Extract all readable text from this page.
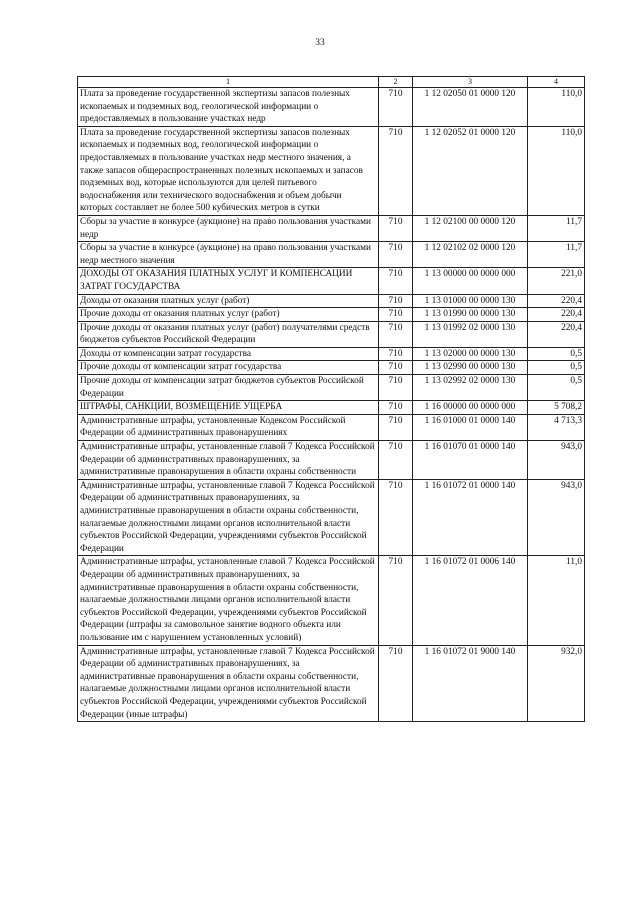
33
1	2	3	4
Плата за проведение государственной экспертизы запасов полезных ископаемых и подземных вод, геологической информации о предоставляемых в пользование участках недр	710	1 12 02050 01 0000 120	110,0
Плата за проведение государственной экспертизы запасов полезных ископаемых и подземных вод, геологической информации о предоставляемых в пользование участках недр местного значения, а также запасов общераспространенных полезных ископаемых и запасов подземных вод, которые используются для целей питьевого водоснабжения или технического водоснабжения и объем добычи которых составляет не более 500 кубических метров в сутки	710	1 12 02052 01 0000 120	110,0
Сборы за участие в конкурсе (аукционе) на право пользования участками недр	710	1 12 02100 00 0000 120	11,7
Сборы за участие в конкурсе (аукционе) на право пользования участками недр местного значения	710	1 12 02102 02 0000 120	11,7
ДОХОДЫ ОТ ОКАЗАНИЯ ПЛАТНЫХ УСЛУГ И КОМПЕНСАЦИИ ЗАТРАТ ГОСУДАРСТВА	710	1 13 00000 00 0000 000	221,0
Доходы от оказания платных услуг (работ)	710	1 13 01000 00 0000 130	220,4
Прочие доходы от оказания платных услуг (работ)	710	1 13 01990 00 0000 130	220,4
Прочие доходы от оказания платных услуг (работ) получателями средств бюджетов субъектов Российской Федерации	710	1 13 01992 02 0000 130	220,4
Доходы от компенсации затрат государства	710	1 13 02000 00 0000 130	0,5
Прочие доходы от компенсации затрат государства	710	1 13 02990 00 0000 130	0,5
Прочие доходы от компенсации затрат бюджетов субъектов Российской Федерации	710	1 13 02992 02 0000 130	0,5
ШТРАФЫ, САНКЦИИ, ВОЗМЕЩЕНИЕ УЩЕРБА	710	1 16 00000 00 0000 000	5 708,2
Административные штрафы, установленные Кодексом Российской Федерации об административных правонарушениях	710	1 16 01000 01 0000 140	4 713,3
Административные штрафы, установленные главой 7 Кодекса Российской Федерации об административных правонарушениях, за административные правонарушения в области охраны собственности	710	1 16 01070 01 0000 140	943,0
Административные штрафы, установленные главой 7 Кодекса Российской Федерации об административных правонарушениях, за административные правонарушения в области охраны собственности, налагаемые должностными лицами органов исполнительной власти субъектов Российской Федерации, учреждениями субъектов Российской Федерации	710	1 16 01072 01 0000 140	943,0
Административные штрафы, установленные главой 7 Кодекса Российской Федерации об административных правонарушениях, за административные правонарушения в области охраны собственности, налагаемые должностными лицами органов исполнительной власти субъектов Российской Федерации, учреждениями субъектов Российской Федерации (штрафы за самовольное занятие водного объекта или пользование им с нарушением установленных условий)	710	1 16 01072 01 0006 140	11,0
Административные штрафы, установленные главой 7 Кодекса Российской Федерации об административных правонарушениях, за административные правонарушения в области охраны собственности, налагаемые должностными лицами органов исполнительной власти субъектов Российской Федерации, учреждениями субъектов Российской Федерации (иные штрафы)	710	1 16 01072 01 9000 140	932,0
